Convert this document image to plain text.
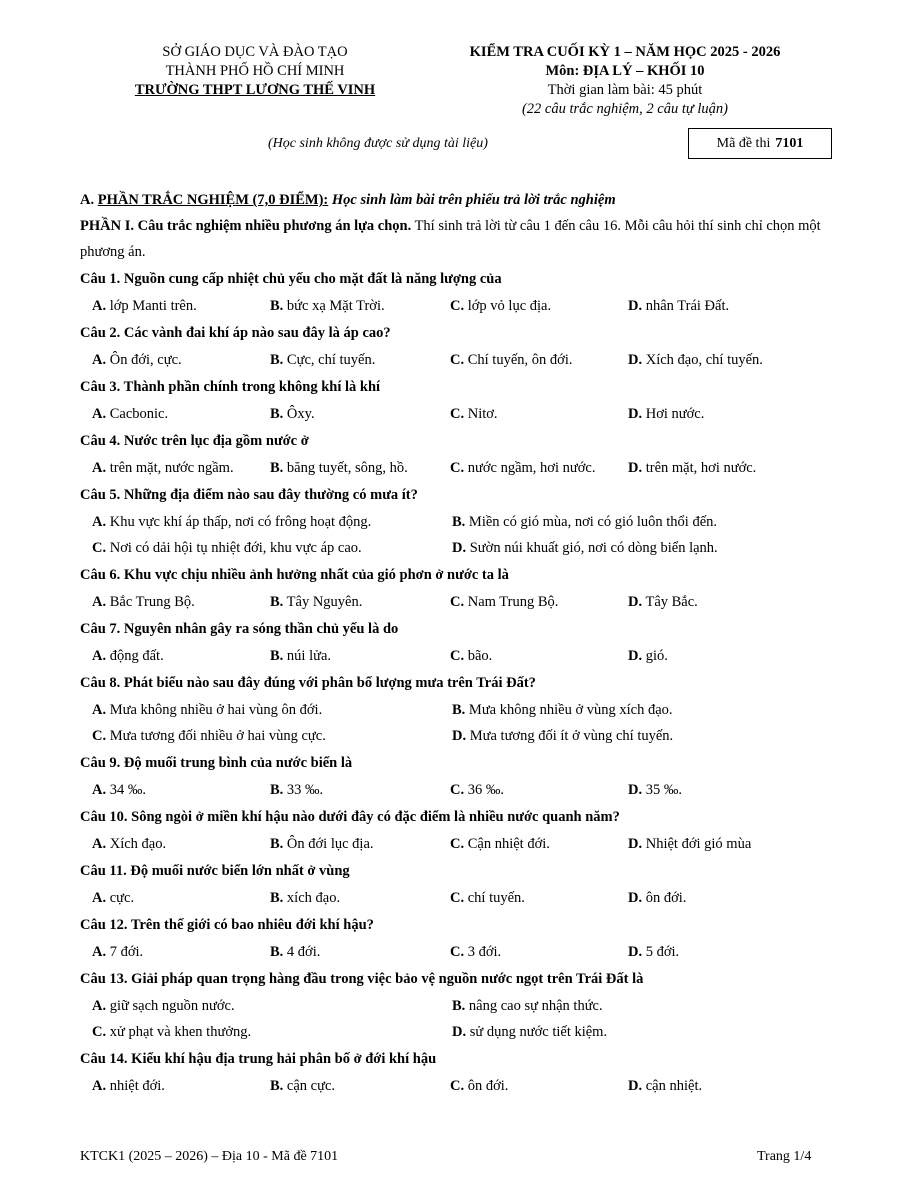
SỞ GIÁO DỤC VÀ ĐÀO TẠO
THÀNH PHỐ HỒ CHÍ MINH
TRƯỜNG THPT LƯƠNG THẾ VINH
KIỂM TRA CUỐI KỲ 1 – NĂM HỌC 2025 - 2026
Môn: ĐỊA LÝ – KHỐI 10
Thời gian làm bài: 45 phút
(22 câu trắc nghiệm, 2 câu tự luận)
(Học sinh không được sử dụng tài liệu)	Mã đề thi 7101
A. PHẦN TRẮC NGHIỆM (7,0 ĐIỂM): Học sinh làm bài trên phiếu trả lời trắc nghiệm
PHẦN I. Câu trắc nghiệm nhiều phương án lựa chọn. Thí sinh trả lời từ câu 1 đến câu 16. Mỗi câu hỏi thí sinh chỉ chọn một phương án.
Câu 1. Nguồn cung cấp nhiệt chủ yếu cho mặt đất là năng lượng của
A. lớp Manti trên.	B. bức xạ Mặt Trời.	C. lớp vỏ lục địa.	D. nhân Trái Đất.
Câu 2. Các vành đai khí áp nào sau đây là áp cao?
A. Ôn đới, cực.	B. Cực, chí tuyến.	C. Chí tuyến, ôn đới.	D. Xích đạo, chí tuyến.
Câu 3. Thành phần chính trong không khí là khí
A. Cacbonic.	B. Ôxy.	C. Nitơ.	D. Hơi nước.
Câu 4. Nước trên lục địa gồm nước ở
A. trên mặt, nước ngầm.	B. băng tuyết, sông, hồ.	C. nước ngầm, hơi nước.	D. trên mặt, hơi nước.
Câu 5. Những địa điểm nào sau đây thường có mưa ít?
A. Khu vực khí áp thấp, nơi có frông hoạt động.	B. Miền có gió mùa, nơi có gió luôn thổi đến.
C. Nơi có dải hội tụ nhiệt đới, khu vực áp cao.	D. Sườn núi khuất gió, nơi có dòng biển lạnh.
Câu 6. Khu vực chịu nhiều ảnh hưởng nhất của gió phơn ở nước ta là
A. Bắc Trung Bộ.	B. Tây Nguyên.	C. Nam Trung Bộ.	D. Tây Bắc.
Câu 7. Nguyên nhân gây ra sóng thần chủ yếu là do
A. động đất.	B. núi lửa.	C. bão.	D. gió.
Câu 8. Phát biểu nào sau đây đúng với phân bố lượng mưa trên Trái Đất?
A. Mưa không nhiều ở hai vùng ôn đới.	B. Mưa không nhiều ở vùng xích đạo.
C. Mưa tương đối nhiều ở hai vùng cực.	D. Mưa tương đối ít ở vùng chí tuyến.
Câu 9. Độ muối trung bình của nước biển là
A. 34 ‰.	B. 33 ‰.	C. 36 ‰.	D. 35 ‰.
Câu 10. Sông ngòi ở miền khí hậu nào dưới đây có đặc điểm là nhiều nước quanh năm?
A. Xích đạo.	B. Ôn đới lục địa.	C. Cận nhiệt đới.	D. Nhiệt đới gió mùa
Câu 11. Độ muối nước biển lớn nhất ở vùng
A. cực.	B. xích đạo.	C. chí tuyến.	D. ôn đới.
Câu 12. Trên thế giới có bao nhiêu đới khí hậu?
A. 7 đới.	B. 4 đới.	C. 3 đới.	D. 5 đới.
Câu 13. Giải pháp quan trọng hàng đầu trong việc bảo vệ nguồn nước ngọt trên Trái Đất là
A. giữ sạch nguồn nước.	B. nâng cao sự nhận thức.
C. xử phạt và khen thưởng.	D. sử dụng nước tiết kiệm.
Câu 14. Kiểu khí hậu địa trung hải phân bố ở đới khí hậu
A. nhiệt đới.	B. cận cực.	C. ôn đới.	D. cận nhiệt.
KTCK1 (2025 – 2026) – Địa 10 - Mã đề 7101	Trang 1/4
